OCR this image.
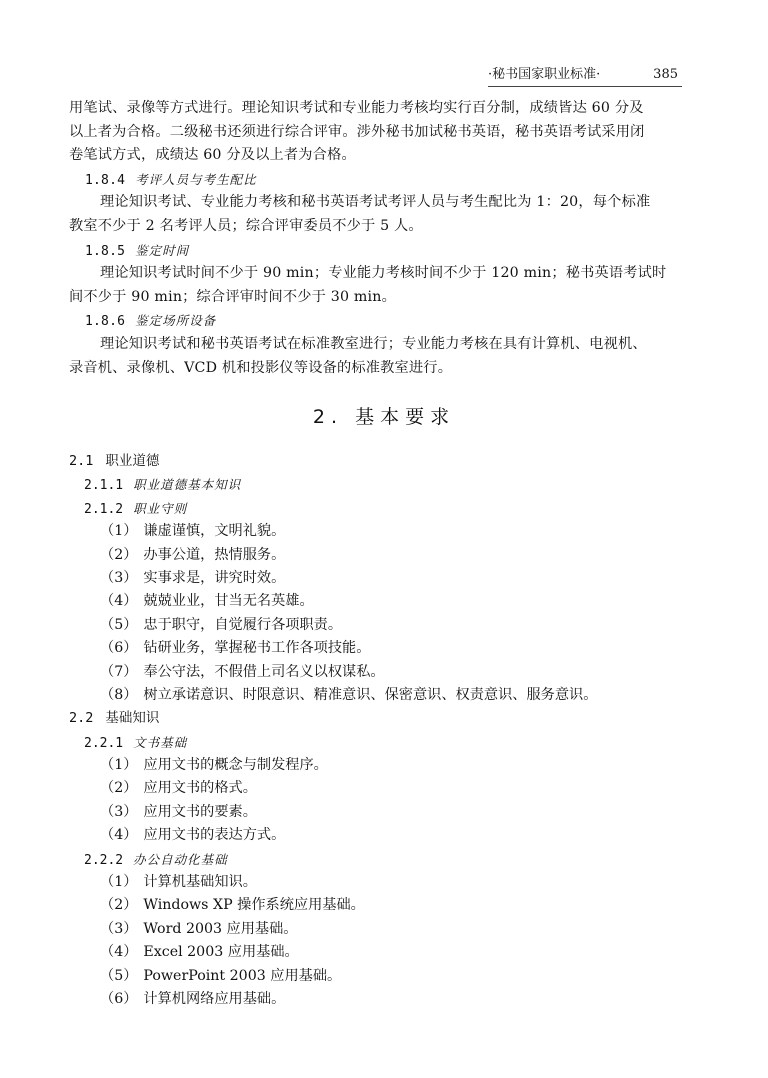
·秘书国家职业标准·	385
用笔试、录像等方式进行。理论知识考试和专业能力考核均实行百分制，成绩皆达 60 分及
以上者为合格。二级秘书还须进行综合评审。涉外秘书加试秘书英语，秘书英语考试采用闭
卷笔试方式，成绩达 60 分及以上者为合格。
1.8.4 考评人员与考生配比
理论知识考试、专业能力考核和秘书英语考试考评人员与考生配比为 1：20，每个标准
教室不少于 2 名考评人员；综合评审委员不少于 5 人。
1.8.5 鉴定时间
理论知识考试时间不少于 90 min；专业能力考核时间不少于 120 min；秘书英语考试时
间不少于 90 min；综合评审时间不少于 30 min。
1.8.6 鉴定场所设备
理论知识考试和秘书英语考试在标准教室进行；专业能力考核在具有计算机、电视机、
录音机、录像机、VCD 机和投影仪等设备的标准教室进行。
2. 基本要求
2.1 职业道德
2.1.1 职业道德基本知识
2.1.2 职业守则
（1） 谦虚谨慎，文明礼貌。
（2） 办事公道，热情服务。
（3） 实事求是，讲究时效。
（4） 兢兢业业，甘当无名英雄。
（5） 忠于职守，自觉履行各项职责。
（6） 钻研业务，掌握秘书工作各项技能。
（7） 奉公守法，不假借上司名义以权谋私。
（8） 树立承诺意识、时限意识、精准意识、保密意识、权责意识、服务意识。
2.2 基础知识
2.2.1 文书基础
（1） 应用文书的概念与制发程序。
（2） 应用文书的格式。
（3） 应用文书的要素。
（4） 应用文书的表达方式。
2.2.2 办公自动化基础
（1） 计算机基础知识。
（2） Windows XP 操作系统应用基础。
（3） Word 2003 应用基础。
（4） Excel 2003 应用基础。
（5） PowerPoint 2003 应用基础。
（6） 计算机网络应用基础。
